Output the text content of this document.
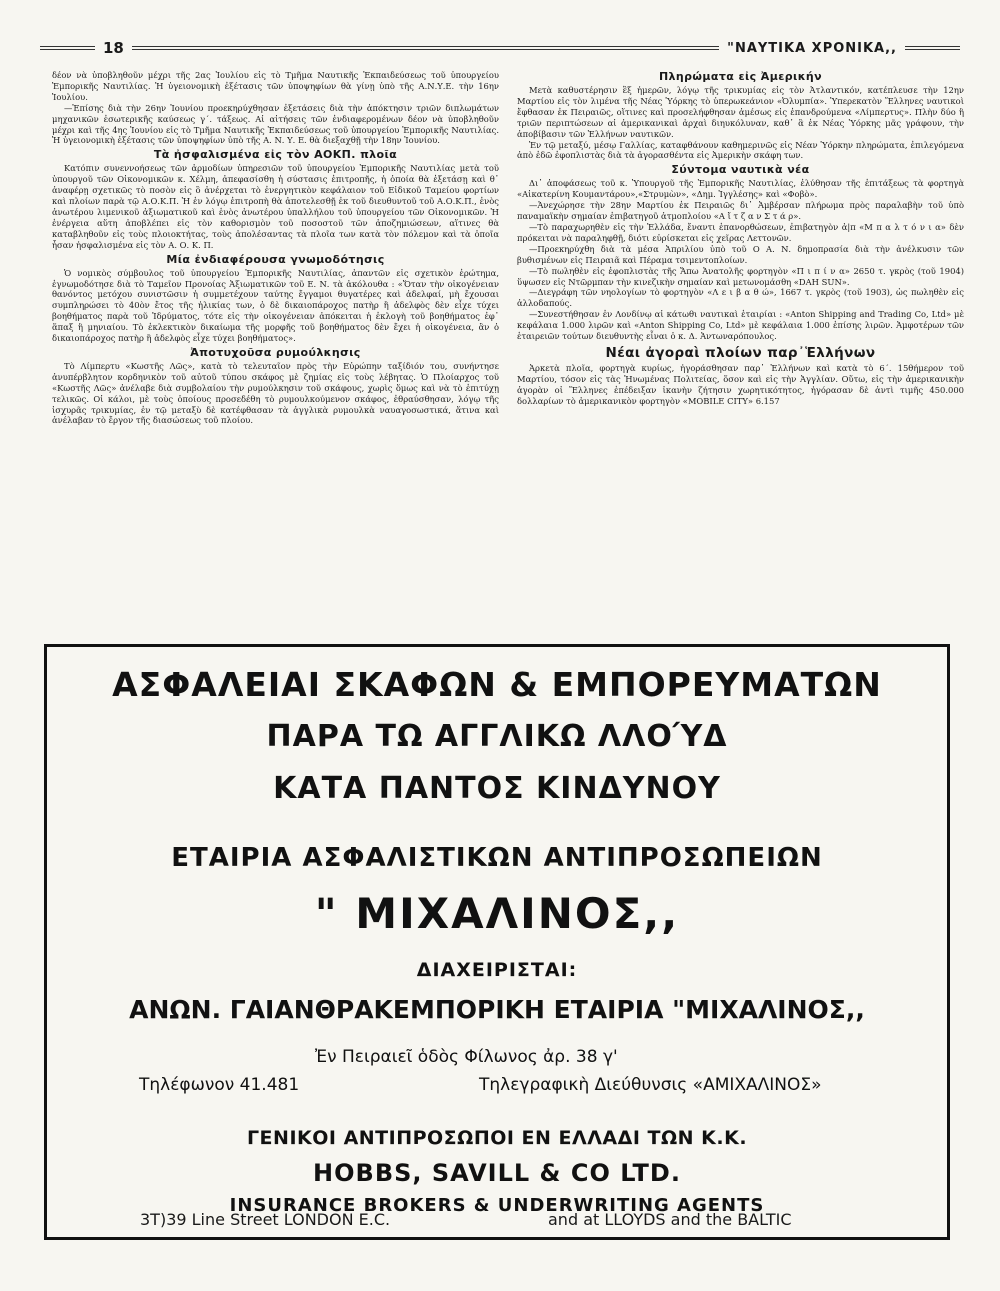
18	"ΝΑΥΤΙΚΑ ΧΡΟΝΙΚΑ,,

δέον νὰ ὑποβληθοῦν μέχρι τῆς 2ας Ἰουλίου εἰς τὸ Τμῆμα Ναυτικῆς Ἐκπαιδεύσεως τοῦ ὑπουργείου Ἐμπορικῆς Ναυτιλίας. Ἡ ὑγειονομικὴ ἐξέτασις τῶν ὑποψηφίων θὰ γίνῃ ὑπὸ τῆς Α.Ν.Υ.Ε. τὴν 16ην Ἰουλίου.

—Ἐπίσης διὰ τὴν 26ην Ἰουνίου προεκηρύχθησαν ἐξετάσεις διὰ τὴν ἀπόκτησιν τριῶν διπλωμάτων μηχανικῶν ἐσωτερικῆς καύσεως γ΄. τάξεως. Αἱ αἰτήσεις τῶν ἐνδιαφερομένων δέον νὰ ὑποβληθοῦν μέχρι καὶ τῆς 4ης Ἰουνίου εἰς τὸ Τμῆμα Ναυτικῆς Ἐκπαιδεύσεως τοῦ ὑπουργείου Ἐμπορικῆς Ναυτιλίας. Ἡ ὑγειονομικὴ ἐξέτασις τῶν ὑποψηφίων ὑπὸ τῆς Α. Ν. Υ. Ε. θὰ διεξαχθῇ τὴν 18ην Ἰουνίου.

Τὰ ἠσφαλισμένα εἰς τὸν ΑΟΚΠ. πλοῖα

Κατόπιν συνεννοήσεως τῶν ἁρμοδίων ὑπηρεσιῶν τοῦ ὑπουργείου Ἐμπορικῆς Ναυτιλίας μετὰ τοῦ ὑπουργοῦ τῶν Οἰκονομικῶν κ. Χέλμη, ἀπεφασίσθη ἡ σύστασις ἐπιτροπῆς, ἡ ὁποία θὰ ἐξετάσῃ καὶ θ᾽ ἀναφέρῃ σχετικῶς τὸ ποσὸν εἰς ὃ ἀνέρχεται τὸ ἐνεργητικὸν κεφάλαιον τοῦ Εἰδικοῦ Ταμείου φορτίων καὶ πλοίων παρὰ τῷ Α.Ο.Κ.Π. Ἡ ἐν λόγῳ ἐπιτροπὴ θὰ ἀποτελεσθῇ ἐκ τοῦ διευθυντοῦ τοῦ Α.Ο.Κ.Π., ἑνὸς ἀνωτέρου λιμενικοῦ ἀξιωματικοῦ καὶ ἑνὸς ἀνωτέρου ὑπαλλήλου τοῦ ὑπουργείου τῶν Οἰκονομικῶν. Ἡ ἐνέργεια αὕτη ἀποβλέπει εἰς τὸν καθορισμὸν τοῦ ποσοστοῦ τῶν ἀποζημιώσεων, αἵτινες θὰ καταβληθοῦν εἰς τοὺς πλοιοκτήτας, τοὺς ἀπολέσαντας τὰ πλοῖα των κατὰ τὸν πόλεμον καὶ τὰ ὁποῖα ἦσαν ἠσφαλισμένα εἰς τὸν Α. Ο. Κ. Π.

Μία ἐνδιαφέρουσα γνωμοδότησις

Ὁ νομικὸς σύμβουλος τοῦ ὑπουργείου Ἐμπορικῆς Ναυτιλίας, ἀπαντῶν εἰς σχετικὸν ἐρώτημα, ἐγνωμοδότησε διὰ τὸ Ταμεῖον Προνοίας Ἀξιωματικῶν τοῦ Ε. Ν. τὰ ἀκόλουθα : «Ὅταν τὴν οἰκογένειαν θανόντος μετόχου συνιστῶσιν ἡ συμμετέχουν ταύτης ἔγγαμοι θυγατέρες καὶ ἀδελφαί, μὴ ἔχουσαι συμπληρώσει τὸ 40ὸν ἔτος τῆς ἡλικίας των, ὁ δὲ δικαιοπάροχος πατὴρ ἢ ἀδελφὸς δὲν εἶχε τύχει βοηθήματος παρὰ τοῦ Ἱδρύματος, τότε εἰς τὴν οἰκογένειαν ἀπόκειται ἡ ἐκλογὴ τοῦ βοηθήματος ἐφ᾽ ἅπαξ ἢ μηνιαίου. Τὸ ἐκλεκτικὸν δικαίωμα τῆς μορφῆς τοῦ βοηθήματος δὲν ἔχει ἡ οἰκογένεια, ἂν ὁ δικαιοπάροχος πατὴρ ἢ ἀδελφὸς εἶχε τύχει βοηθήματος».

Ἀποτυχοῦσα ρυμούλκησις

Τὸ Λίμπερτυ «Κωστῆς Λῶς», κατὰ τὸ τελευταῖον πρὸς τὴν Εὐρώπην ταξίδιόν του, συνήντησε ἀνυπέρβλητον κορδηνικὸν τοῦ αὐτοῦ τύπου σκάφος μὲ ζημίας εἰς τοὺς λέβητας. Ὁ Πλοίαρχος τοῦ «Κωστῆς Λῶς» ἀνέλαβε διὰ συμβολαίου τὴν ρυμούλκησιν τοῦ σκάφους, χωρὶς ὅμως καὶ νὰ τὸ ἐπιτύχῃ τελικῶς. Οἱ κάλοι, μὲ τοὺς ὁποίους προσεδέθη τὸ ρυμουλκούμενον σκάφος, ἐθραύσθησαν, λόγῳ τῆς ἰσχυρᾶς τρικυμίας, ἐν τῷ μεταξὺ δὲ κατέφθασαν τὰ ἀγγλικὰ ρυμουλκὰ ναυαγοσωστικά, ἅτινα καὶ ἀνέλαβαν τὸ ἔργον τῆς διασώσεως τοῦ πλοίου.

Πληρώματα εἰς Ἀμερικήν

Μετὰ καθυστέρησιν ἓξ ἡμερῶν, λόγῳ τῆς τρικυμίας εἰς τὸν Ἀτλαντικόν, κατέπλευσε τὴν 12ην Μαρτίου εἰς τὸν λιμένα τῆς Νέας Ὑόρκης τὸ ὑπερωκεάνιον «Ὀλυμπία». Ὑπερεκατὸν Ἕλληνες ναυτικοὶ ἔφθασαν ἐκ Πειραιῶς, οἵτινες καὶ προσελήφθησαν ἀμέσως εἰς ἐπανδρούμενα «Λίμπερτυς». Πλὴν δύο ἢ τριῶν περιπτώσεων αἱ ἀμερικανικαὶ ἀρχαὶ διηυκόλυναν, καθ᾽ ἃ ἐκ Νέας Ὑόρκης μᾶς γράφουν, τὴν ἀποβίβασιν τῶν Ἑλλήνων ναυτικῶν.

Ἐν τῷ μεταξύ, μέσῳ Γαλλίας, καταφθάνουν καθημερινῶς εἰς Νέαν Ὑόρκην πληρώματα, ἐπιλεγόμενα ἀπὸ ἐδῶ ἐφοπλιστὰς διὰ τὰ ἀγορασθέντα εἰς Ἀμερικὴν σκάφη των.

Σύντομα ναυτικὰ νέα

Δι᾽ ἀποφάσεως τοῦ κ. Ὑπουργοῦ τῆς Ἐμπορικῆς Ναυτιλίας, ἐλύθησαν τῆς ἐπιτάξεως τὰ φορτηγὰ «Αἰκατερίνη Κουμαντάρου»,«Στρυμὼν», «Δημ. Ἰγγλέσης» καὶ «Φοβὸ».

—Ἀνεχώρησε τὴν 28ην Μαρτίου ἐκ Πειραιῶς δι᾽ Ἀμβέρσαν πλήρωμα πρὸς παραλαβὴν τοῦ ὑπὸ παναμαϊκὴν σημαίαν ἐπιβατηγοῦ ἀτμοπλοίου «Α ἴ τ ζ α ν Σ τ ά ρ».

—Τὸ παραχωρηθὲν εἰς τὴν Ἑλλάδα, ἔναντι ἐπανορθώσεων, ἐπιβατηγὸν ἀ|π «Μ π α λ τ ό ν ι α» δὲν πρόκειται νὰ παραληφθῇ, διότι εὑρίσκεται εἰς χεῖρας Λεττονῶν.

—Προεκηρύχθη διὰ τὰ μέσα Ἀπριλίου ὑπὸ τοῦ Ο Α. Ν. δημοπρασία διὰ τὴν ἀνέλκυσιν τῶν βυθισμένων εἰς Πειραιᾶ καὶ Πέραμα τσιμεντοπλοίων.

—Τὸ πωληθὲν εἰς ἐφοπλιστὰς τῆς Ἄπω Ἀνατολῆς φορτηγὸν «Π ι π ί ν α» 2650 τ. γκρὸς (τοῦ 1904) ὕψωσεν εἰς Ντῶρμπαν τὴν κινεζικὴν σημαίαν καὶ μετωνομάσθη «DAH SUN».

—Διεγράφη τῶν νηολογίων τὸ φορτηγὸν «Λ ε ι β α θ ώ», 1667 τ. γκρὸς (τοῦ 1903), ὡς πωληθὲν εἰς ἀλλοδαπούς.

—Συνεστήθησαν ἐν Λονδίνῳ αἱ κάτωθι ναυτικαὶ ἑταιρίαι : «Anton Shipping and Trading Co, Ltd» μὲ κεφάλαια 1.000 λιρῶν καὶ «Anton Shipping Co, Ltd» μὲ κεφάλαια 1.000 ἐπίσης λιρῶν. Ἀμφοτέρων τῶν ἑταιρειῶν τούτων διευθυντὴς εἶναι ὁ κ. Δ. Ἀντωναρόπουλος.

Νέαι ἀγοραὶ πλοίων παρ᾽Ἑλλήνων

Ἀρκετὰ πλοῖα, φορτηγὰ κυρίως, ἠγοράσθησαν παρ᾽ Ἑλλήνων καὶ κατὰ τὸ 6΄. 15θήμερον τοῦ Μαρτίου, τόσον εἰς τὰς Ἡνωμένας Πολιτείας, ὅσον καὶ εἰς τὴν Ἀγγλίαν. Οὕτω, εἰς τὴν ἀμερικανικὴν ἀγορὰν οἱ Ἕλληνες ἐπέδειξαν ἱκανὴν ζήτησιν χωρητικότητος, ἠγόρασαν δὲ ἀντὶ τιμῆς 450.000 δολλαρίων τὸ ἀμερικανικὸν φορτηγὸν «MOBILE CITY» 6.157

ΑΣΦΑΛΕΙΑΙ ΣΚΑΦΩΝ & ΕΜΠΟΡΕΥΜΑΤΩΝ
ΠΑΡΑ ΤΩ ΑΓΓΛΙΚΩ ΛΛΟΎΔ
ΚΑΤΑ ΠΑΝΤΟΣ ΚΙΝΔΥΝΟΥ
ΕΤΑΙΡΙΑ ΑΣΦΑΛΙΣΤΙΚΩΝ ΑΝΤΙΠΡΟΣΩΠΕΙΩΝ
" ΜΙΧΑΛΙΝΟΣ,,
ΔΙΑΧΕΙΡΙΣΤΑΙ:
ΑΝΩΝ. ΓΑΙΑΝΘΡΑΚΕΜΠΟΡΙΚΗ ΕΤΑΙΡΙΑ "ΜΙΧΑΛΙΝΟΣ,,
Ἐν Πειραιεῖ ὁδὸς Φίλωνος ἀρ. 38 γ'
Τηλέφωνον 41.481	Τηλεγραφικὴ Διεύθυνσις «ΑΜΙΧΑΛΙΝΟΣ»
ΓΕΝΙΚΟΙ ΑΝΤΙΠΡΟΣΩΠΟΙ ΕΝ ΕΛΛΑΔΙ ΤΩΝ Κ.Κ.
HOBBS, SAVILL & CO LTD.
INSURANCE BROKERS & UNDERWRITING AGENTS
3Τ)39 Line Street LONDON E.C.	and at LLOYDS and the BALTIC
